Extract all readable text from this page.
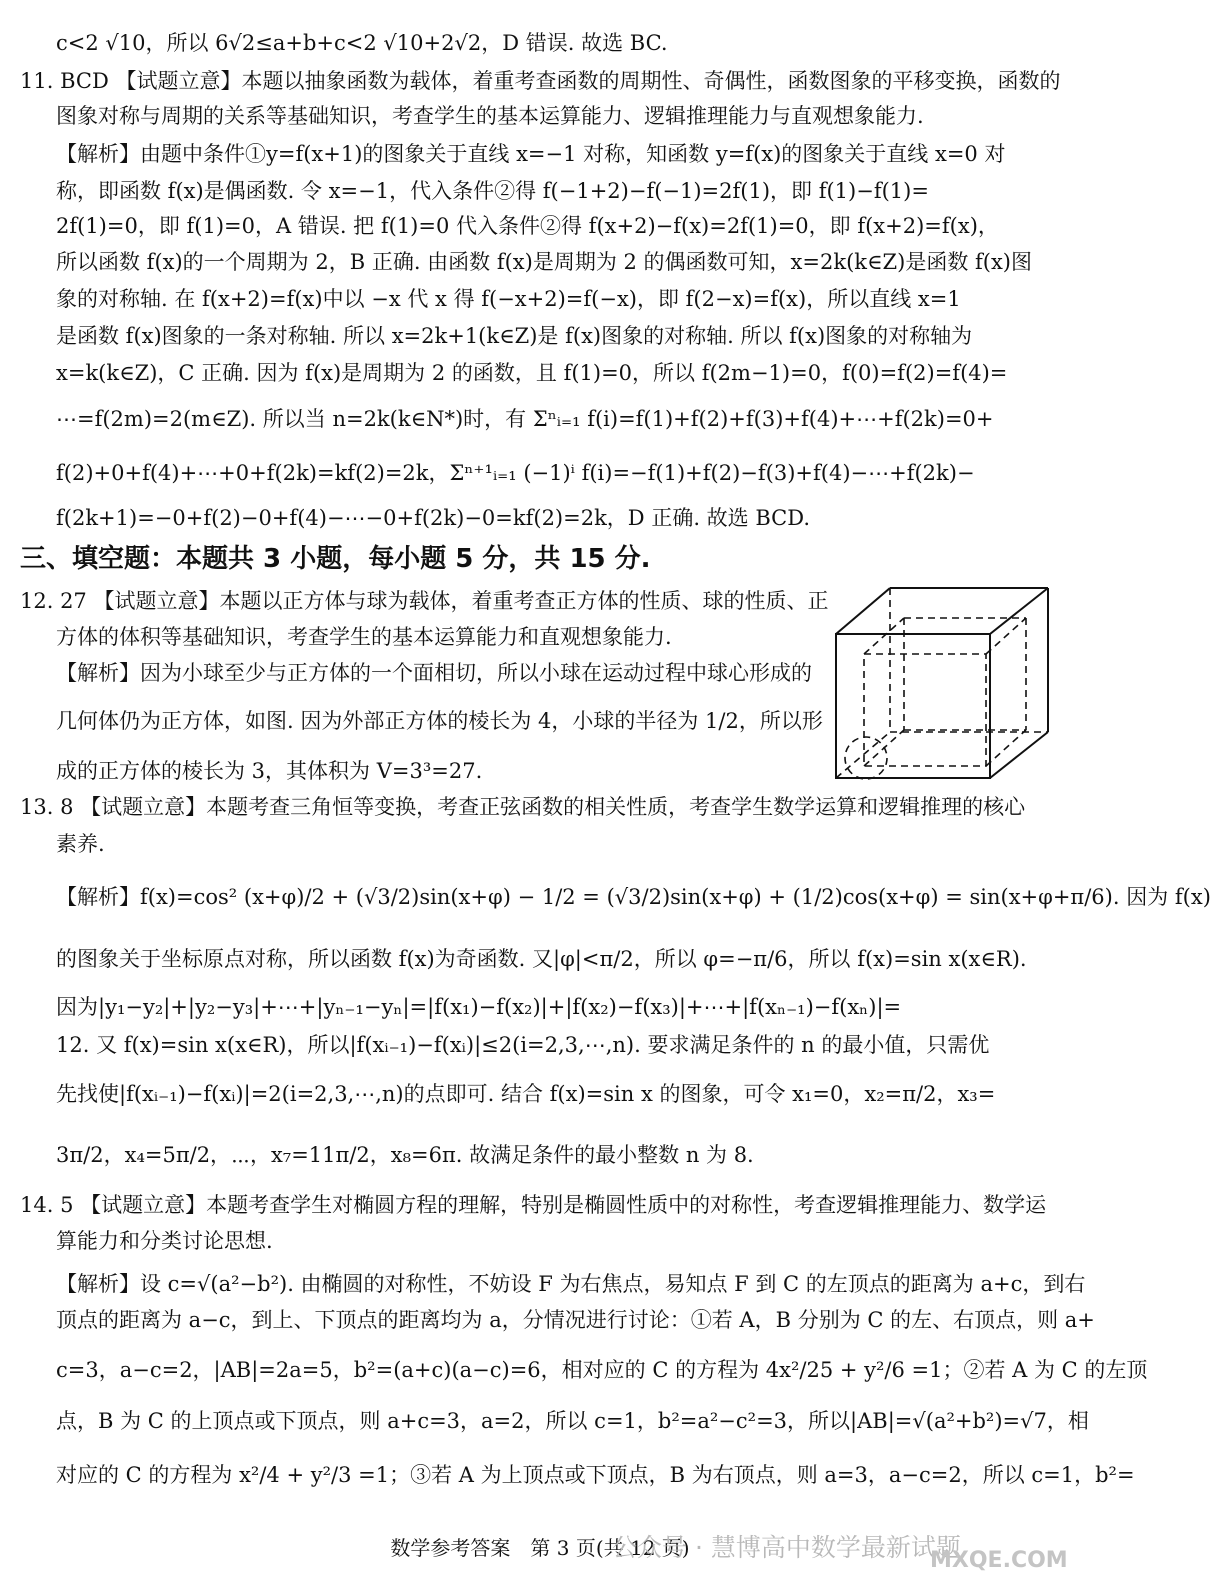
c<2 √10，所以 6√2≤a+b+c<2 √10+2√2，D 错误. 故选 BC.
11. BCD 【试题立意】本题以抽象函数为载体，着重考查函数的周期性、奇偶性，函数图象的平移变换，函数的
图象对称与周期的关系等基础知识，考查学生的基本运算能力、逻辑推理能力与直观想象能力.
【解析】由题中条件①y=f(x+1)的图象关于直线 x=−1 对称，知函数 y=f(x)的图象关于直线 x=0 对
称，即函数 f(x)是偶函数. 令 x=−1，代入条件②得 f(−1+2)−f(−1)=2f(1)，即 f(1)−f(1)=
2f(1)=0，即 f(1)=0，A 错误. 把 f(1)=0 代入条件②得 f(x+2)−f(x)=2f(1)=0，即 f(x+2)=f(x)，
所以函数 f(x)的一个周期为 2，B 正确. 由函数 f(x)是周期为 2 的偶函数可知，x=2k(k∈Z)是函数 f(x)图
象的对称轴. 在 f(x+2)=f(x)中以 −x 代 x 得 f(−x+2)=f(−x)，即 f(2−x)=f(x)，所以直线 x=1
是函数 f(x)图象的一条对称轴. 所以 x=2k+1(k∈Z)是 f(x)图象的对称轴. 所以 f(x)图象的对称轴为
x=k(k∈Z)，C 正确. 因为 f(x)是周期为 2 的函数，且 f(1)=0，所以 f(2m−1)=0，f(0)=f(2)=f(4)=
⋯=f(2m)=2(m∈Z). 所以当 n=2k(k∈N*)时，有 Σⁿᵢ₌₁ f(i)=f(1)+f(2)+f(3)+f(4)+⋯+f(2k)=0+
f(2)+0+f(4)+⋯+0+f(2k)=kf(2)=2k，Σⁿ⁺¹ᵢ₌₁ (−1)ⁱ f(i)=−f(1)+f(2)−f(3)+f(4)−⋯+f(2k)−
f(2k+1)=−0+f(2)−0+f(4)−⋯−0+f(2k)−0=kf(2)=2k，D 正确. 故选 BCD.
三、填空题：本题共 3 小题，每小题 5 分，共 15 分.
12. 27 【试题立意】本题以正方体与球为载体，着重考查正方体的性质、球的性质、正
方体的体积等基础知识，考查学生的基本运算能力和直观想象能力.
【解析】因为小球至少与正方体的一个面相切，所以小球在运动过程中球心形成的
几何体仍为正方体，如图. 因为外部正方体的棱长为 4，小球的半径为 1/2，所以形
成的正方体的棱长为 3，其体积为 V=3³=27.
13. 8 【试题立意】本题考查三角恒等变换，考查正弦函数的相关性质，考查学生数学运算和逻辑推理的核心
素养.
【解析】f(x)=cos² (x+φ)/2 + (√3/2)sin(x+φ) − 1/2 = (√3/2)sin(x+φ) + (1/2)cos(x+φ) = sin(x+φ+π/6). 因为 f(x)
的图象关于坐标原点对称，所以函数 f(x)为奇函数. 又|φ|<π/2，所以 φ=−π/6，所以 f(x)=sin x(x∈R).
因为|y₁−y₂|+|y₂−y₃|+⋯+|yₙ₋₁−yₙ|=|f(x₁)−f(x₂)|+|f(x₂)−f(x₃)|+⋯+|f(xₙ₋₁)−f(xₙ)|=
12. 又 f(x)=sin x(x∈R)，所以|f(xᵢ₋₁)−f(xᵢ)|≤2(i=2,3,⋯,n). 要求满足条件的 n 的最小值，只需优
先找使|f(xᵢ₋₁)−f(xᵢ)|=2(i=2,3,⋯,n)的点即可. 结合 f(x)=sin x 的图象，可令 x₁=0，x₂=π/2，x₃=
3π/2，x₄=5π/2，⋯，x₇=11π/2，x₈=6π. 故满足条件的最小整数 n 为 8.
14. 5 【试题立意】本题考查学生对椭圆方程的理解，特别是椭圆性质中的对称性，考查逻辑推理能力、数学运
算能力和分类讨论思想.
【解析】设 c=√(a²−b²). 由椭圆的对称性，不妨设 F 为右焦点，易知点 F 到 C 的左顶点的距离为 a+c，到右
顶点的距离为 a−c，到上、下顶点的距离均为 a，分情况进行讨论：①若 A，B 分别为 C 的左、右顶点，则 a+
c=3，a−c=2，|AB|=2a=5，b²=(a+c)(a−c)=6，相对应的 C 的方程为 4x²/25 + y²/6 =1；②若 A 为 C 的左顶
点，B 为 C 的上顶点或下顶点，则 a+c=3，a=2，所以 c=1，b²=a²−c²=3，所以|AB|=√(a²+b²)=√7，相
对应的 C 的方程为 x²/4 + y²/3 =1；③若 A 为上顶点或下顶点，B 为右顶点，则 a=3，a−c=2，所以 c=1，b²=
数学参考答案　第 3 页(共 12 页)
公众号 · 慧博高中数学最新试题
MXQE.COM
